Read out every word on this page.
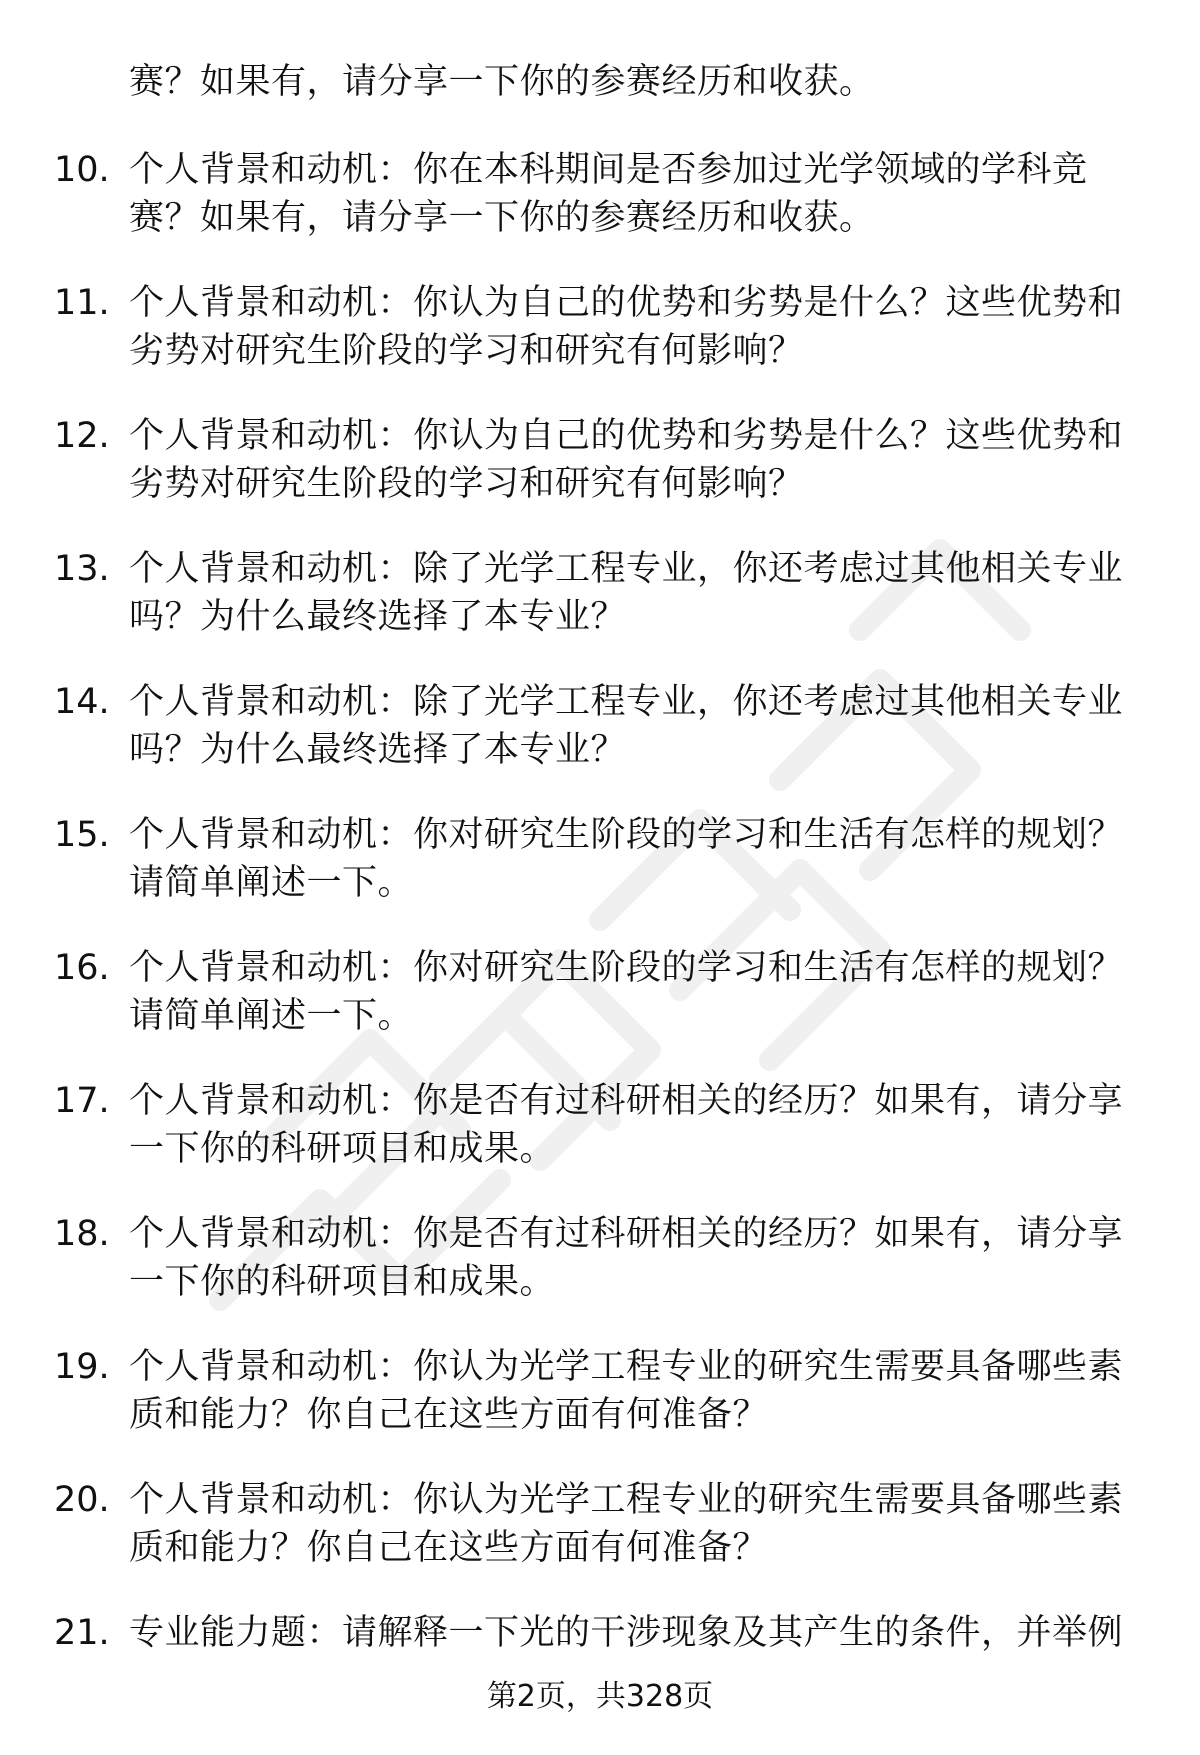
赛？如果有，请分享一下你的参赛经历和收获。
10. 个人背景和动机：你在本科期间是否参加过光学领域的学科竞
赛？如果有，请分享一下你的参赛经历和收获。
11. 个人背景和动机：你认为自己的优势和劣势是什么？这些优势和
劣势对研究生阶段的学习和研究有何影响？
12. 个人背景和动机：你认为自己的优势和劣势是什么？这些优势和
劣势对研究生阶段的学习和研究有何影响？
13. 个人背景和动机：除了光学工程专业，你还考虑过其他相关专业
吗？为什么最终选择了本专业？
14. 个人背景和动机：除了光学工程专业，你还考虑过其他相关专业
吗？为什么最终选择了本专业？
15. 个人背景和动机：你对研究生阶段的学习和生活有怎样的规划？
请简单阐述一下。
16. 个人背景和动机：你对研究生阶段的学习和生活有怎样的规划？
请简单阐述一下。
17. 个人背景和动机：你是否有过科研相关的经历？如果有，请分享
一下你的科研项目和成果。
18. 个人背景和动机：你是否有过科研相关的经历？如果有，请分享
一下你的科研项目和成果。
19. 个人背景和动机：你认为光学工程专业的研究生需要具备哪些素
质和能力？你自己在这些方面有何准备？
20. 个人背景和动机：你认为光学工程专业的研究生需要具备哪些素
质和能力？你自己在这些方面有何准备？
21. 专业能力题：请解释一下光的干涉现象及其产生的条件，并举例
第2页，共328页
